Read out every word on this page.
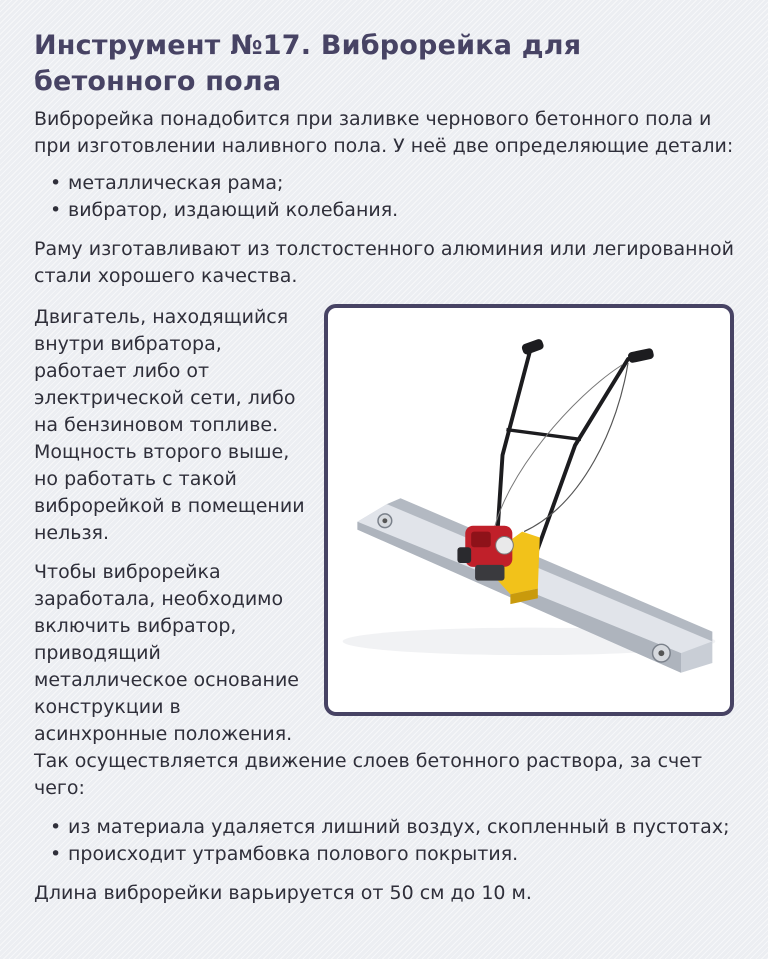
Инструмент №17. Виброрейка для бетонного пола

Виброрейка понадобится при заливке чернового бетонного пола и при изготовлении наливного пола. У неё две определяющие детали:

• металлическая рама;
• вибратор, издающий колебания.

Раму изготавливают из толстостенного алюминия или легированной стали хорошего качества.

Двигатель, находящийся внутри вибратора, работает либо от электрической сети, либо на бензиновом топливе. Мощность второго выше, но работать с такой виброрейкой в помещении нельзя.

Чтобы виброрейка заработала, необходимо включить вибратор, приводящий металлическое основание конструкции в асинхронные положения.

Так осуществляется движение слоев бетонного раствора, за счет чего:

• из материала удаляется лишний воздух, скопленный в пустотах;
• происходит утрамбовка полового покрытия.

Длина виброрейки варьируется от 50 см до 10 м.
